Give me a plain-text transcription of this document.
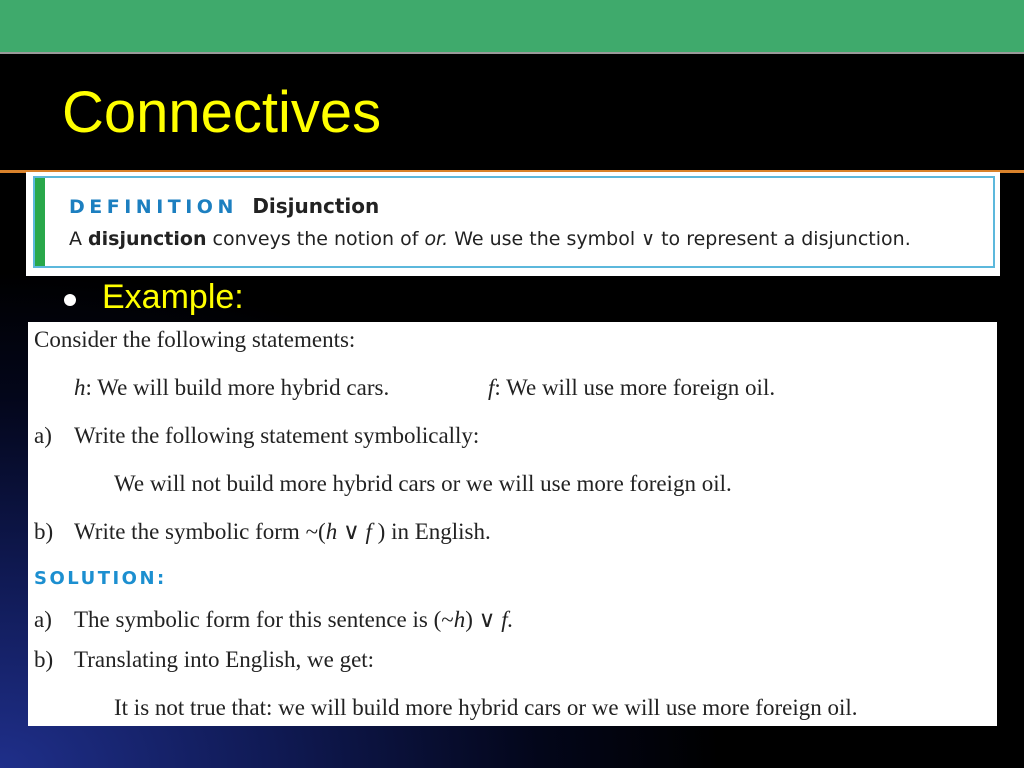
Connectives
DEFINITION Disjunction
A disjunction conveys the notion of or. We use the symbol ∨ to represent a disjunction.
Example:
Consider the following statements:
h: We will build more hybrid cars.	f: We will use more foreign oil.
a) Write the following statement symbolically:
We will not build more hybrid cars or we will use more foreign oil.
b) Write the symbolic form ~(h ∨ f ) in English.
SOLUTION:
a) The symbolic form for this sentence is (~h) ∨ f.
b) Translating into English, we get:
It is not true that: we will build more hybrid cars or we will use more foreign oil.
